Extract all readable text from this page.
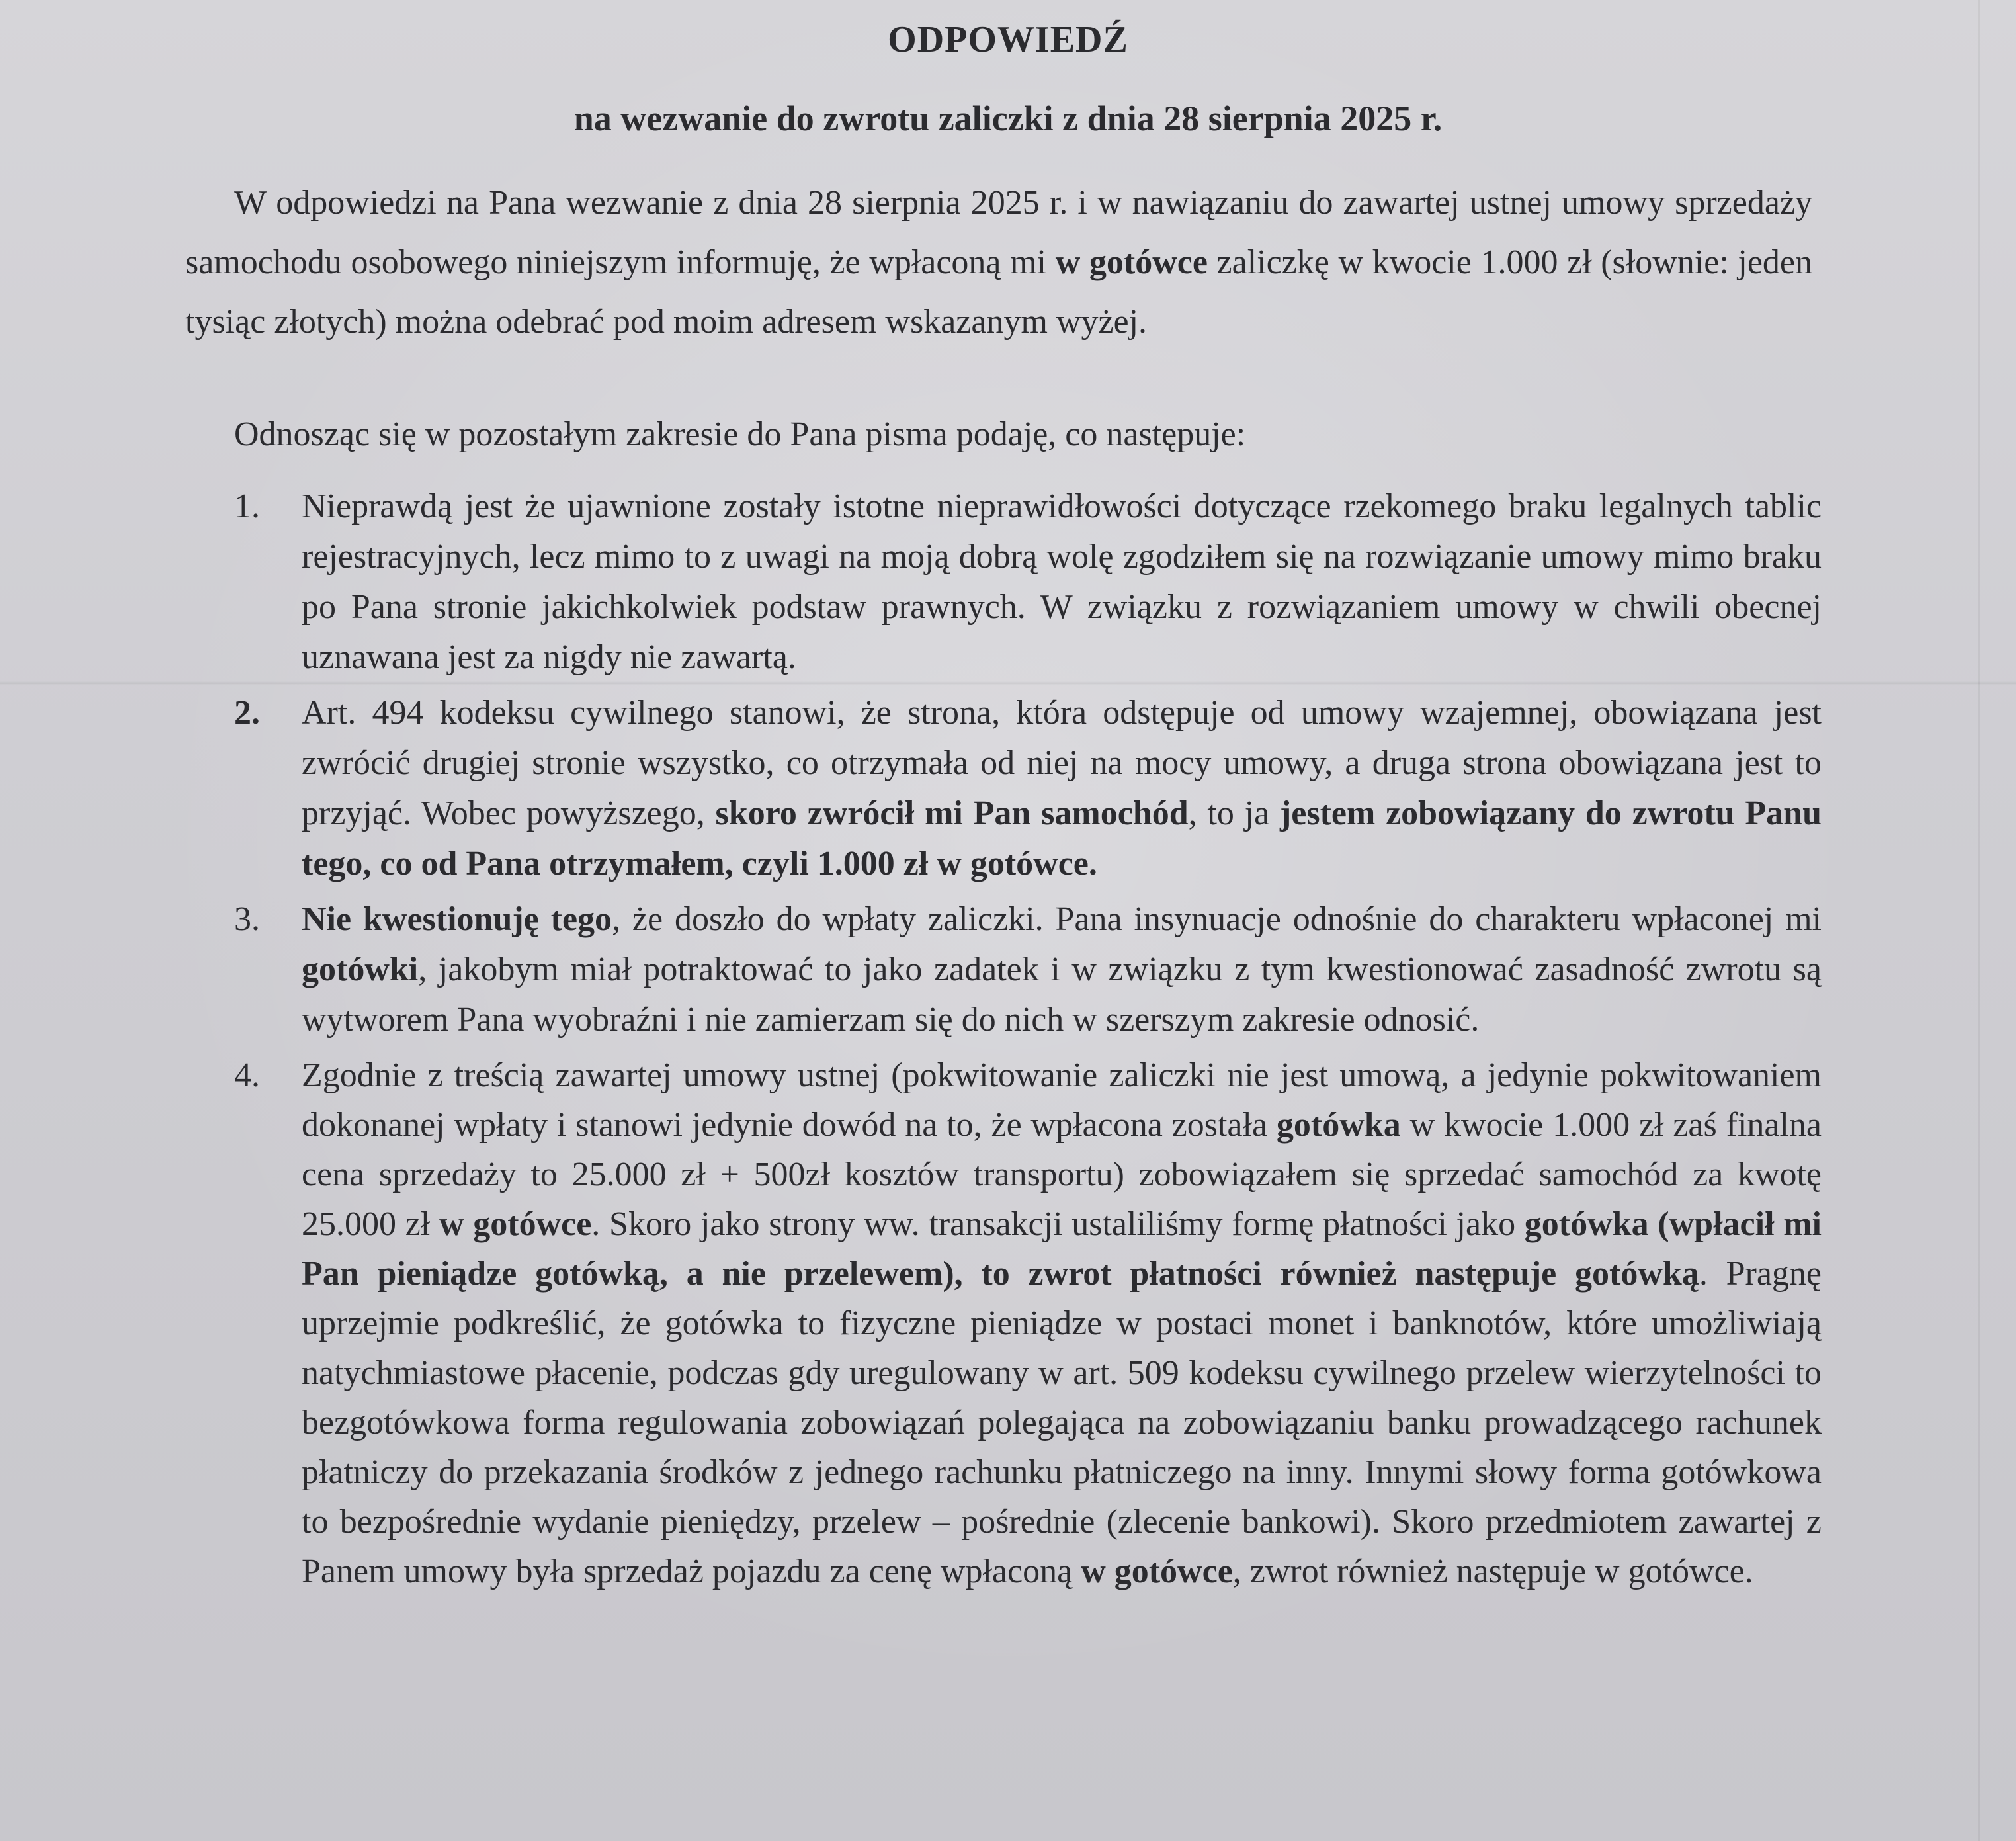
ODPOWIEDŹ
na wezwanie do zwrotu zaliczki z dnia 28 sierpnia 2025 r.

W odpowiedzi na Pana wezwanie z dnia 28 sierpnia 2025 r. i w nawiązaniu do zawartej ustnej umowy sprzedaży samochodu osobowego niniejszym informuję, że wpłaconą mi w gotówce zaliczkę w kwocie 1.000 zł (słownie: jeden tysiąc złotych) można odebrać pod moim adresem wskazanym wyżej.

Odnosząc się w pozostałym zakresie do Pana pisma podaję, co następuje:

1. Nieprawdą jest że ujawnione zostały istotne nieprawidłowości dotyczące rzekomego braku legalnych tablic rejestracyjnych, lecz mimo to z uwagi na moją dobrą wolę zgodziłem się na rozwiązanie umowy mimo braku po Pana stronie jakichkolwiek podstaw prawnych. W związku z rozwiązaniem umowy w chwili obecnej uznawana jest za nigdy nie zawartą.
2. Art. 494 kodeksu cywilnego stanowi, że strona, która odstępuje od umowy wzajemnej, obowiązana jest zwrócić drugiej stronie wszystko, co otrzymała od niej na mocy umowy, a druga strona obowiązana jest to przyjąć. Wobec powyższego, skoro zwrócił mi Pan samochód, to ja jestem zobowiązany do zwrotu Panu tego, co od Pana otrzymałem, czyli 1.000 zł w gotówce.
3. Nie kwestionuję tego, że doszło do wpłaty zaliczki. Pana insynuacje odnośnie do charakteru wpłaconej mi gotówki, jakobym miał potraktować to jako zadatek i w związku z tym kwestionować zasadność zwrotu są wytworem Pana wyobraźni i nie zamierzam się do nich w szerszym zakresie odnosić.
4. Zgodnie z treścią zawartej umowy ustnej (pokwitowanie zaliczki nie jest umową, a jedynie pokwitowaniem dokonanej wpłaty i stanowi jedynie dowód na to, że wpłacona została gotówka w kwocie 1.000 zł zaś finalna cena sprzedaży to 25.000 zł + 500zł kosztów transportu) zobowiązałem się sprzedać samochód za kwotę 25.000 zł w gotówce. Skoro jako strony ww. transakcji ustaliliśmy formę płatności jako gotówka (wpłacił mi Pan pieniądze gotówką, a nie przelewem), to zwrot płatności również następuje gotówką. Pragnę uprzejmie podkreślić, że gotówka to fizyczne pieniądze w postaci monet i banknotów, które umożliwiają natychmiastowe płacenie, podczas gdy uregulowany w art. 509 kodeksu cywilnego przelew wierzytelności to bezgotówkowa forma regulowania zobowiązań polegająca na zobowiązaniu banku prowadzącego rachunek płatniczy do przekazania środków z jednego rachunku płatniczego na inny. Innymi słowy forma gotówkowa to bezpośrednie wydanie pieniędzy, przelew – pośrednie (zlecenie bankowi). Skoro przedmiotem zawartej z Panem umowy była sprzedaż pojazdu za cenę wpłaconą w gotówce, zwrot również następuje w gotówce.
